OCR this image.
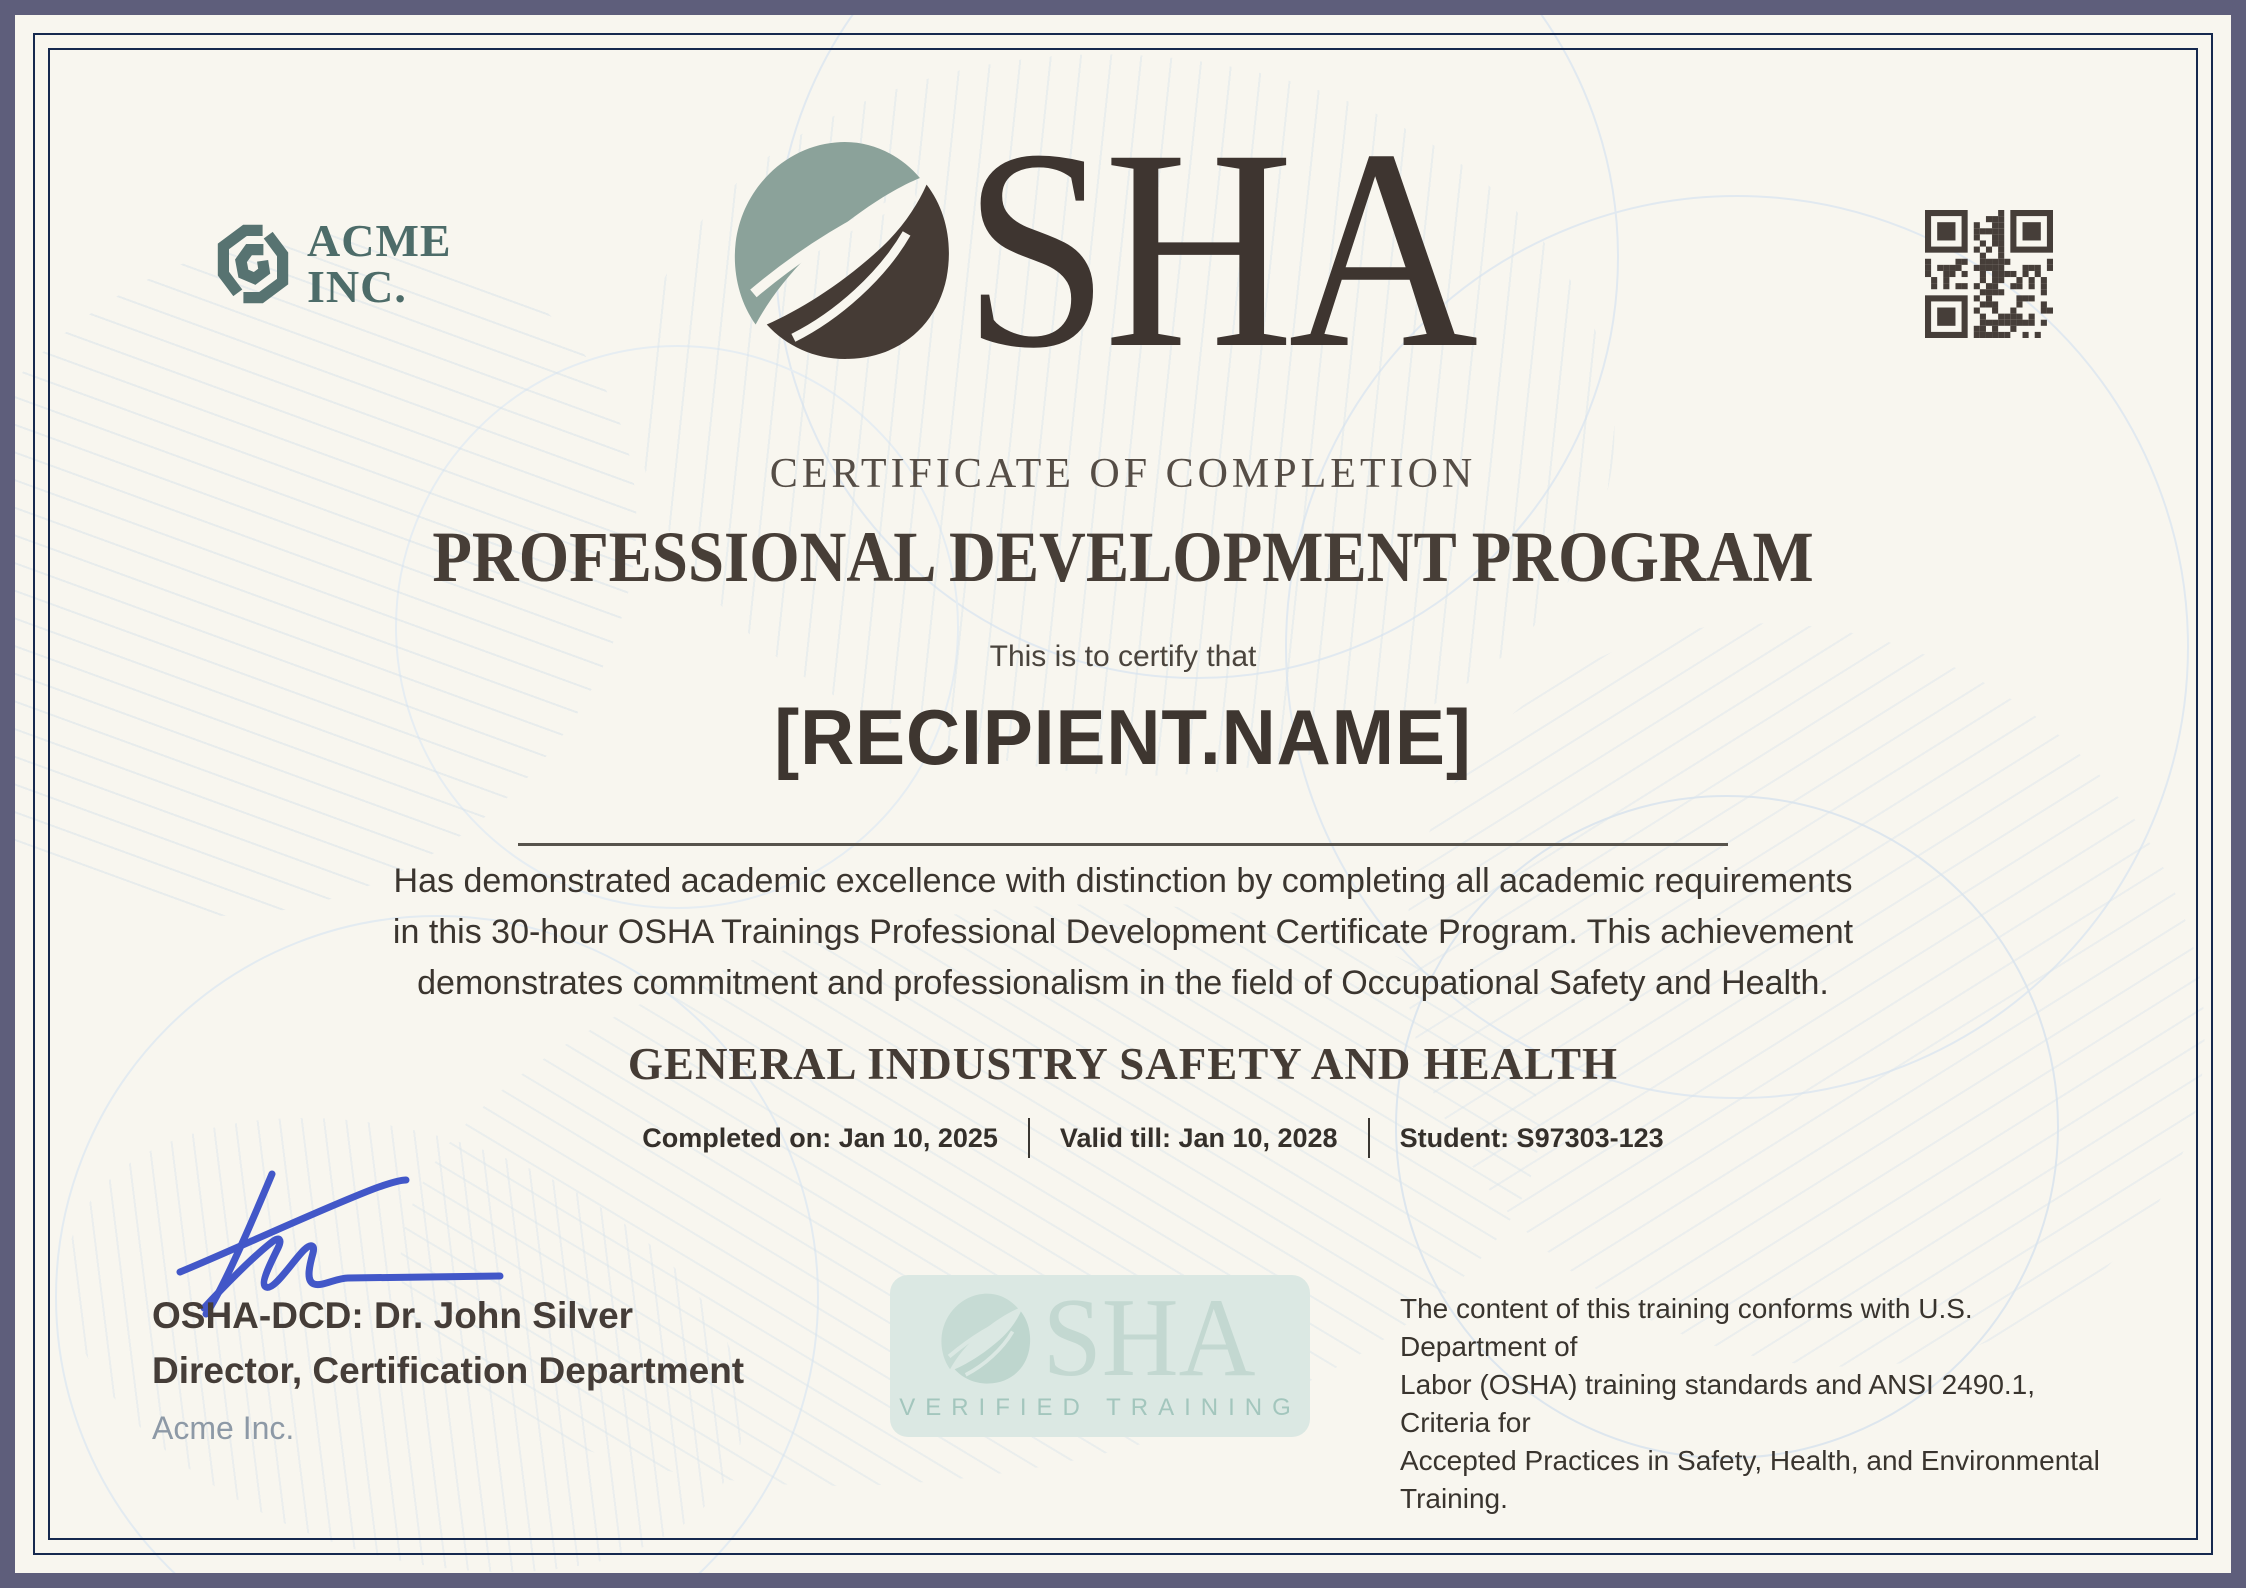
ACME
INC. SHA
CERTIFICATE OF COMPLETION
PROFESSIONAL DEVELOPMENT PROGRAM
This is to certify that
[RECIPIENT.NAME]
Has demonstrated academic excellence with distinction by completing all academic requirements
in this 30-hour OSHA Trainings Professional Development Certificate Program. This achievement
demonstrates commitment and professionalism in the field of Occupational Safety and Health.
GENERAL INDUSTRY SAFETY AND HEALTH
Completed on: Jan 10, 2025 Valid till: Jan 10, 2028 Student: S97303-123
OSHA-DCD: Dr. John Silver
Director, Certification Department
Acme Inc.
SHA
VERIFIED TRAINING
The content of this training conforms with U.S. Department of
Labor (OSHA) training standards and ANSI 2490.1, Criteria for
Accepted Practices in Safety, Health, and Environmental
Training.
